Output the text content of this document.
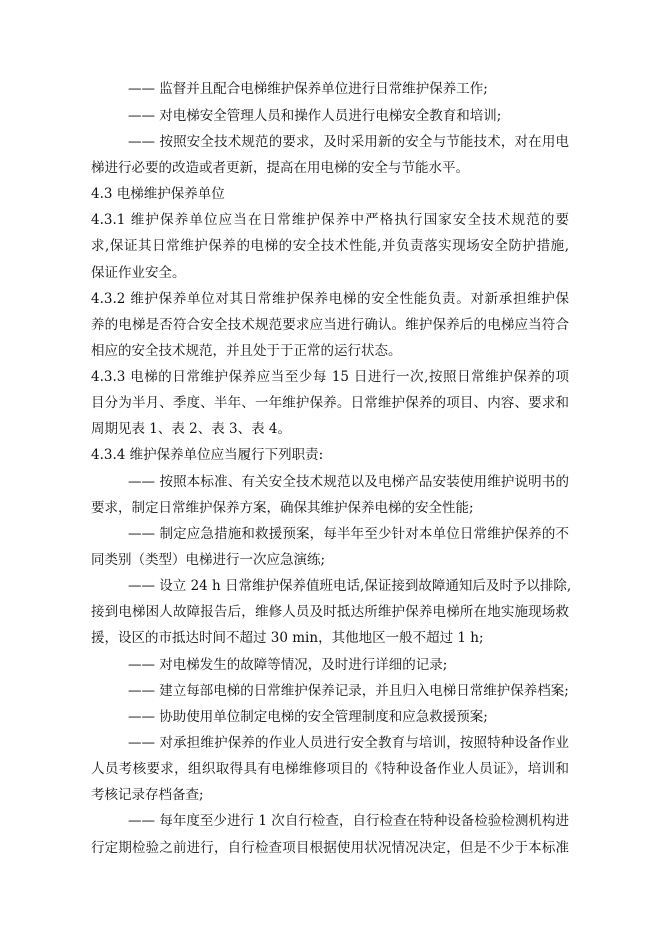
—— 监督并且配合电梯维护保养单位进行日常维护保养工作;
—— 对电梯安全管理人员和操作人员进行电梯安全教育和培训;
—— 按照安全技术规范的要求，及时采用新的安全与节能技术，对在用电
梯进行必要的改造或者更新，提高在用电梯的安全与节能水平。
4.3 电梯维护保养单位
4.3.1 维护保养单位应当在日常维护保养中严格执行国家安全技术规范的要
求,保证其日常维护保养的电梯的安全技术性能,并负责落实现场安全防护措施,
保证作业安全。
4.3.2 维护保养单位对其日常维护保养电梯的安全性能负责。对新承担维护保
养的电梯是否符合安全技术规范要求应当进行确认。维护保养后的电梯应当符合
相应的安全技术规范，并且处于于正常的运行状态。
4.3.3 电梯的日常维护保养应当至少每 15 日进行一次,按照日常维护保养的项
目分为半月、季度、半年、一年维护保养。日常维护保养的项目、内容、要求和
周期见表 1、表 2、表 3、表 4。
4.3.4 维护保养单位应当履行下列职责:
—— 按照本标准、有关安全技术规范以及电梯产品安装使用维护说明书的
要求，制定日常维护保养方案，确保其维护保养电梯的安全性能;
—— 制定应急措施和救援预案，每半年至少针对本单位日常维护保养的不
同类别（类型）电梯进行一次应急演练;
—— 设立 24 h 日常维护保养值班电话,保证接到故障通知后及时予以排除,
接到电梯困人故障报告后，维修人员及时抵达所维护保养电梯所在地实施现场救
援，设区的市抵达时间不超过 30 min，其他地区一般不超过 1 h;
—— 对电梯发生的故障等情况，及时进行详细的记录;
—— 建立每部电梯的日常维护保养记录，并且归入电梯日常维护保养档案;
—— 协助使用单位制定电梯的安全管理制度和应急救援预案;
—— 对承担维护保养的作业人员进行安全教育与培训，按照特种设备作业
人员考核要求，组织取得具有电梯维修项目的《特种设备作业人员证》，培训和
考核记录存档备查;
—— 每年度至少进行 1 次自行检查，自行检查在特种设备检验检测机构进
行定期检验之前进行，自行检查项目根据使用状况情况决定，但是不少于本标准
